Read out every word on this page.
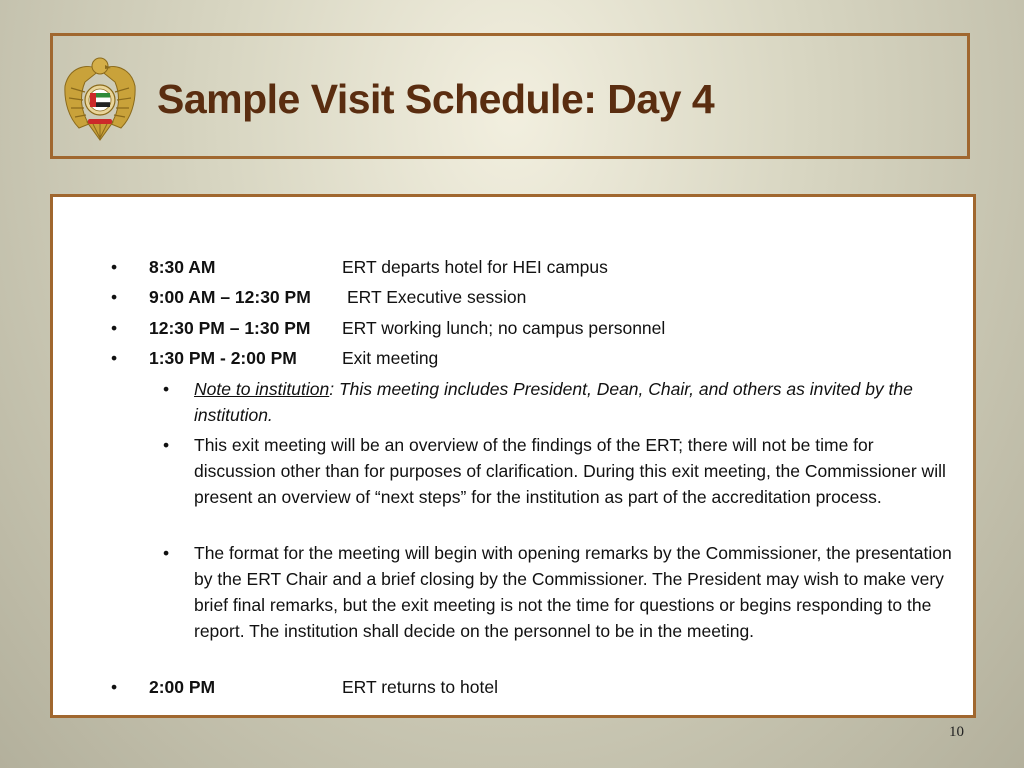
Sample Visit Schedule: Day 4
• 8:30 AM	ERT departs hotel for HEI campus
• 9:00 AM – 12:30 PM ERT Executive session
• 12:30 PM – 1:30 PM ERT working lunch; no campus personnel
• 1:30 PM - 2:00 PM	Exit meeting
• Note to institution: This meeting includes President, Dean, Chair, and others as invited by the institution.
• This exit meeting will be an overview of the findings of the ERT; there will not be time for discussion other than for purposes of clarification. During this exit meeting, the Commissioner will present an overview of “next steps” for the institution as part of the accreditation process.
• The format for the meeting will begin with opening remarks by the Commissioner, the presentation by the ERT Chair and a brief closing by the Commissioner. The President may wish to make very brief final remarks, but the exit meeting is not the time for questions or begins responding to the report. The institution shall decide on the personnel to be in the meeting.
• 2:00 PM	ERT returns to hotel
10
